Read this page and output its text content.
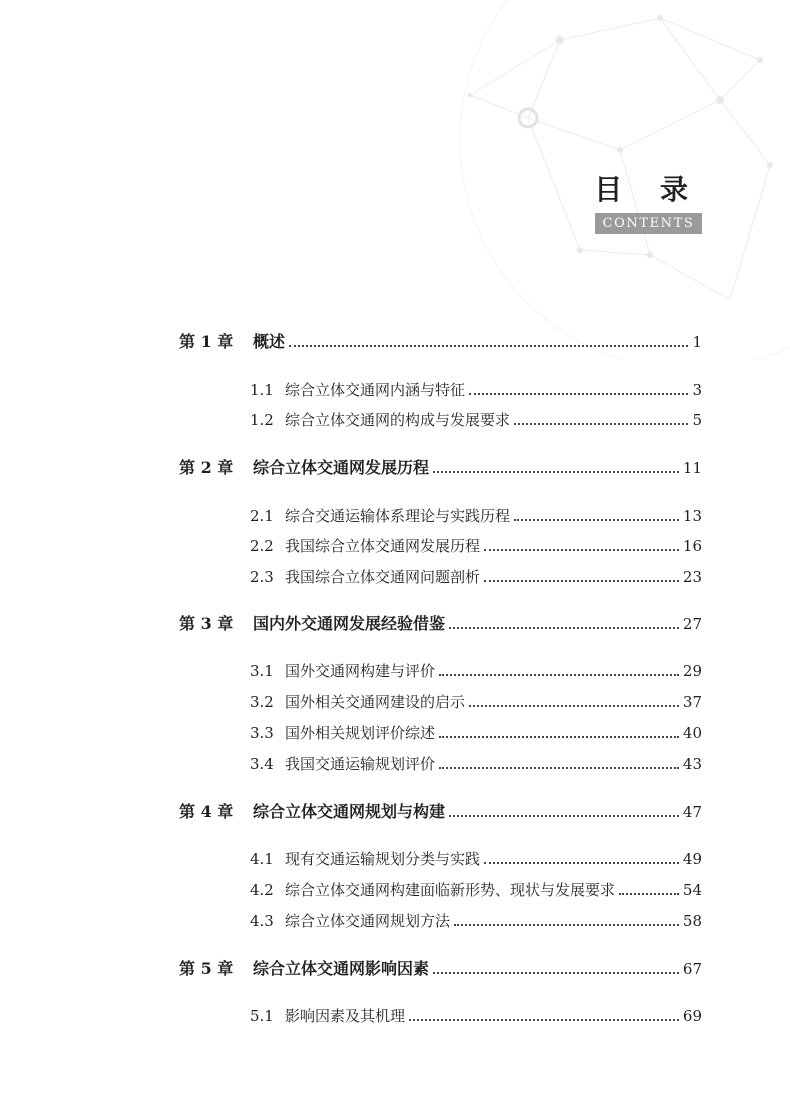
目 录
CONTENTS
第 1 章	概述	1
1.1 综合立体交通网内涵与特征	3
1.2 综合立体交通网的构成与发展要求	5
第 2 章	综合立体交通网发展历程	11
2.1 综合交通运输体系理论与实践历程	13
2.2 我国综合立体交通网发展历程	16
2.3 我国综合立体交通网问题剖析	23
第 3 章	国内外交通网发展经验借鉴	27
3.1 国外交通网构建与评价	29
3.2 国外相关交通网建设的启示	37
3.3 国外相关规划评价综述	40
3.4 我国交通运输规划评价	43
第 4 章	综合立体交通网规划与构建	47
4.1 现有交通运输规划分类与实践	49
4.2 综合立体交通网构建面临新形势、现状与发展要求	54
4.3 综合立体交通网规划方法	58
第 5 章	综合立体交通网影响因素	67
5.1 影响因素及其机理	69
